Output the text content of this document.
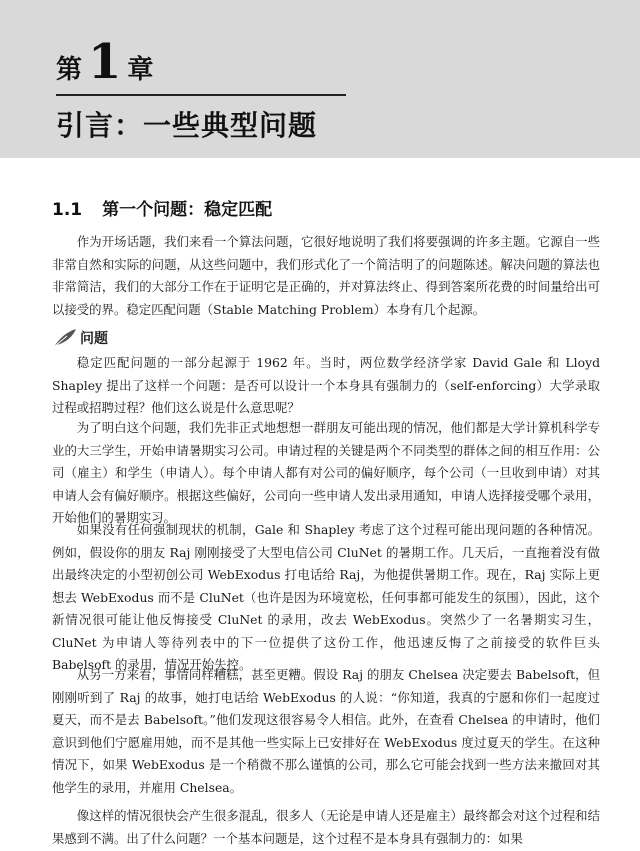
第 1 章
引言：一些典型问题
1.1 第一个问题：稳定匹配

作为开场话题，我们来看一个算法问题，它很好地说明了我们将要强调的许多主题。它源自一些非常自然和实际的问题，从这些问题中，我们形式化了一个简洁明了的问题陈述。解决问题的算法也非常简洁，我们的大部分工作在于证明它是正确的，并对算法终止、得到答案所花费的时间量给出可以接受的界。稳定匹配问题（Stable Matching Problem）本身有几个起源。

问题

稳定匹配问题的一部分起源于 1962 年。当时，两位数学经济学家 David Gale 和 Lloyd Shapley 提出了这样一个问题：是否可以设计一个本身具有强制力的（self-enforcing）大学录取过程或招聘过程？他们这么说是什么意思呢？

为了明白这个问题，我们先非正式地想想一群朋友可能出现的情况，他们都是大学计算机科学专业的大三学生，开始申请暑期实习公司。申请过程的关键是两个不同类型的群体之间的相互作用：公司（雇主）和学生（申请人）。每个申请人都有对公司的偏好顺序，每个公司（一旦收到申请）对其申请人会有偏好顺序。根据这些偏好，公司向一些申请人发出录用通知，申请人选择接受哪个录用，开始他们的暑期实习。

如果没有任何强制现状的机制，Gale 和 Shapley 考虑了这个过程可能出现问题的各种情况。例如，假设你的朋友 Raj 刚刚接受了大型电信公司 CluNet 的暑期工作。几天后，一直拖着没有做出最终决定的小型初创公司 WebExodus 打电话给 Raj，为他提供暑期工作。现在，Raj 实际上更想去 WebExodus 而不是 CluNet（也许是因为环境宽松，任何事都可能发生的氛围），因此，这个新情况很可能让他反悔接受 CluNet 的录用，改去 WebExodus。突然少了一名暑期实习生，CluNet 为申请人等待列表中的下一位提供了这份工作，他迅速反悔了之前接受的软件巨头 Babelsoft 的录用，情况开始失控。

从另一方来看，事情同样糟糕，甚至更糟。假设 Raj 的朋友 Chelsea 决定要去 Babelsoft，但刚刚听到了 Raj 的故事，她打电话给 WebExodus 的人说：“你知道，我真的宁愿和你们一起度过夏天，而不是去 Babelsoft。”他们发现这很容易令人相信。此外，在查看 Chelsea 的申请时，他们意识到他们宁愿雇用她，而不是其他一些实际上已安排好在 WebExodus 度过夏天的学生。在这种情况下，如果 WebExodus 是一个稍微不那么谨慎的公司，那么它可能会找到一些方法来撤回对其他学生的录用，并雇用 Chelsea。

像这样的情况很快会产生很多混乱，很多人（无论是申请人还是雇主）最终都会对这个过程和结果感到不满。出了什么问题？一个基本问题是，这个过程不是本身具有强制力的：如果
